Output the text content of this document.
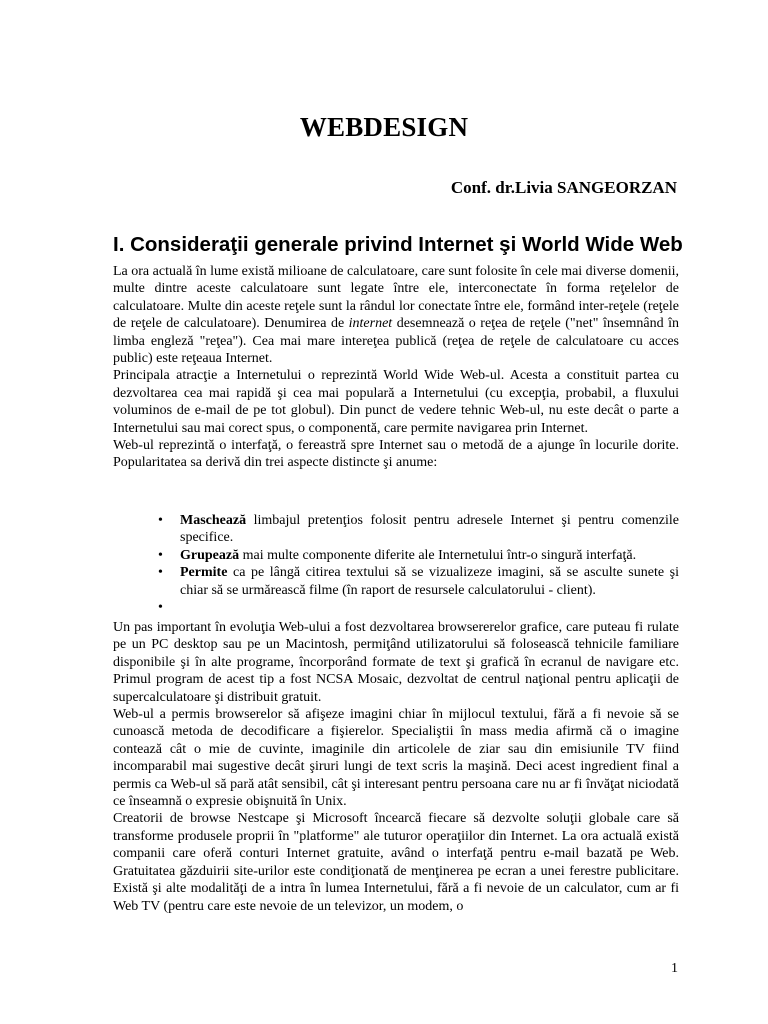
WEBDESIGN

Conf. dr.Livia SANGEORZAN

I. Consideraţii generale privind Internet şi World Wide Web
La ora actuală în lume există milioane de calculatoare, care sunt folosite în cele mai diverse domenii, multe dintre aceste calculatoare sunt legate între ele, interconectate în forma reţelelor de calculatoare. Multe din aceste reţele sunt la rândul lor conectate între ele, formând inter-reţele (reţele de reţele de calculatoare). Denumirea de internet desemnează o reţea de reţele ("net" însemnând în limba engleză "reţea"). Cea mai mare intereţea publică (reţea de reţele de calculatoare cu acces public) este reţeaua Internet.
Principala atracţie a Internetului o reprezintă World Wide Web-ul. Acesta a constituit partea cu dezvoltarea cea mai rapidă şi cea mai populară a Internetului (cu excepţia, probabil, a fluxului voluminos de e-mail de pe tot globul). Din punct de vedere tehnic Web-ul, nu este decât o parte a Internetului sau mai corect spus, o componentă, care permite navigarea prin Internet.
Web-ul reprezintă o interfaţă, o fereastră spre Internet sau o metodă de a ajunge în locurile dorite. Popularitatea sa derivă din trei aspecte distincte şi anume:
• Maschează limbajul pretenţios folosit pentru adresele Internet şi pentru comenzile specifice.
• Grupează mai multe componente diferite ale Internetului într-o singură interfaţă.
• Permite ca pe lângă citirea textului să se vizualizeze imagini, să se asculte sunete şi chiar să se urmărească filme (în raport de resursele calculatorului - client).
•
Un pas important în evoluţia Web-ului a fost dezvoltarea browsererelor grafice, care puteau fi rulate pe un PC desktop sau pe un Macintosh, permiţând utilizatorului să folosească tehnicile familiare disponibile şi în alte programe, încorporând formate de text şi grafică în ecranul de navigare etc. Primul program de acest tip a fost NCSA Mosaic, dezvoltat de centrul naţional pentru aplicaţii de supercalculatoare şi distribuit gratuit.
Web-ul a permis browserelor să afişeze imagini chiar în mijlocul textului, fără a fi nevoie să se cunoască metoda de decodificare a fişierelor. Specialiştii în mass media afirmă că o imagine contează cât o mie de cuvinte, imaginile din articolele de ziar sau din emisiunile TV fiind incomparabil mai sugestive decât şiruri lungi de text scris la maşină. Deci acest ingredient final a permis ca Web-ul să pară atât sensibil, cât şi interesant pentru persoana care nu ar fi învăţat niciodată ce înseamnă o expresie obişnuită în Unix.
Creatorii de browse Nestcape şi Microsoft încearcă fiecare să dezvolte soluţii globale care să transforme produsele proprii în "platforme" ale tuturor operaţiilor din Internet. La ora actuală există companii care oferă conturi Internet gratuite, având o interfaţă pentru e-mail bazată pe Web. Gratuitatea găzduirii site-urilor este condiţionată de menţinerea pe ecran a unei ferestre publicitare. Există şi alte modalităţi de a intra în lumea Internetului, fără a fi nevoie de un calculator, cum ar fi Web TV (pentru care este nevoie de un televizor, un modem, o

1
